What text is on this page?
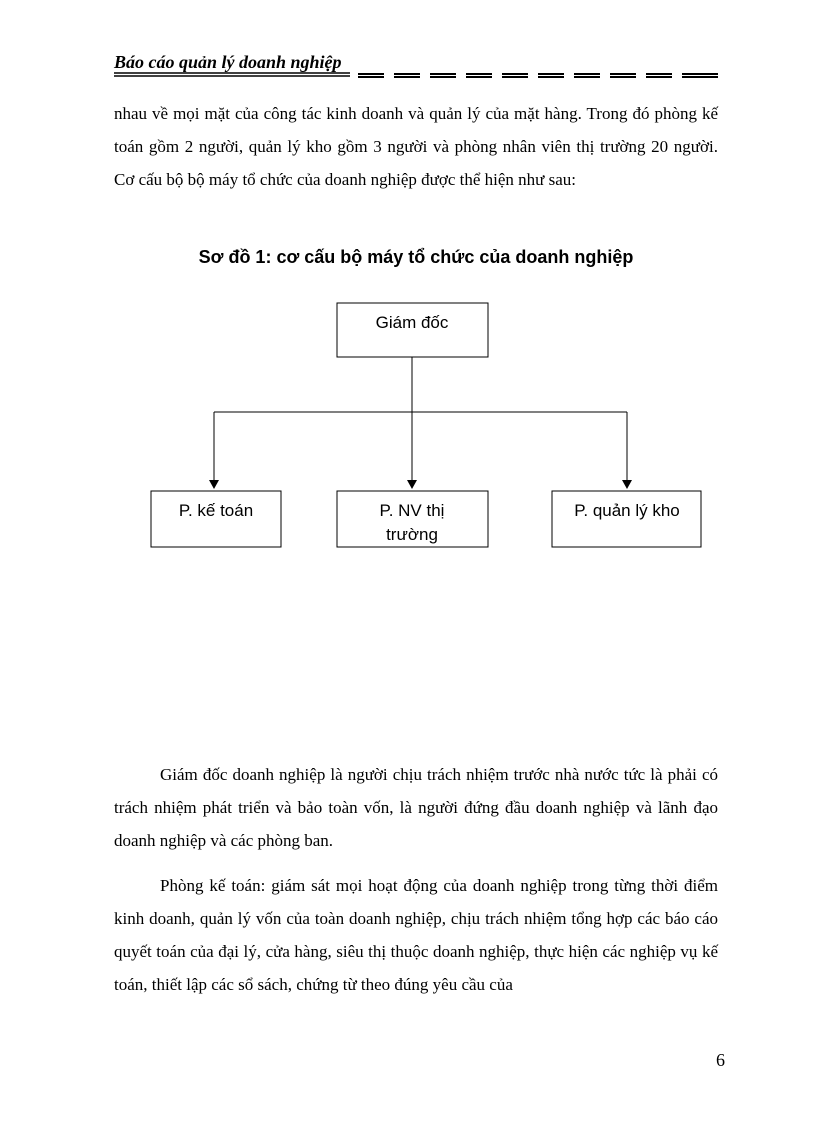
Báo cáo quản lý doanh nghiệp

nhau về mọi mặt của công tác kinh doanh và quản lý của mặt hàng. Trong đó phòng kế toán gồm 2 người, quản lý kho gồm 3 người và phòng nhân viên thị trường 20 người. Cơ cấu bộ bộ máy tổ chức của doanh nghiệp được thể hiện như sau:

Sơ đồ 1: cơ cấu bộ máy tổ chức của doanh nghiệp

Giám đốc
P. kế toán	P. NV thị
trường
P. quản lý kho

Giám đốc doanh nghiệp là người chịu trách nhiệm trước nhà nước tức là phải có trách nhiệm phát triển và bảo toàn vốn, là người đứng đầu doanh nghiệp và lãnh đạo doanh nghiệp và các phòng ban.

Phòng kế toán: giám sát mọi hoạt động của doanh nghiệp trong từng thời điểm kinh doanh, quản lý vốn của toàn doanh nghiệp, chịu trách nhiệm tổng hợp các báo cáo quyết toán của đại lý, cửa hàng, siêu thị thuộc doanh nghiệp, thực hiện các nghiệp vụ kế toán, thiết lập các sổ sách, chứng từ theo đúng yêu cầu của

6
